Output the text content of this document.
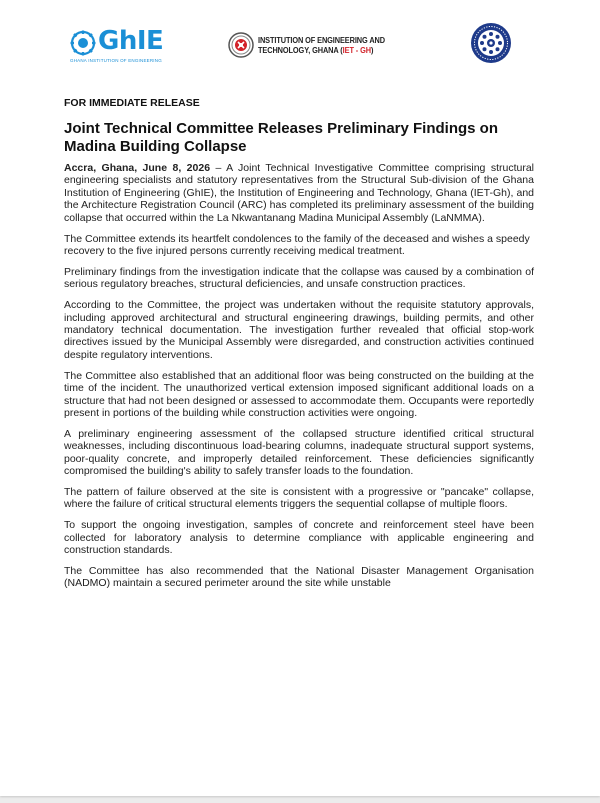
GhIE
GHANA INSTITUTION OF ENGINEERING
INSTITUTION OF ENGINEERING AND
TECHNOLOGY, GHANA (IET - GH)
FOR IMMEDIATE RELEASE
Joint Technical Committee Releases Preliminary Findings on Madina Building Collapse

Accra, Ghana, June 8, 2026 – A Joint Technical Investigative Committee comprising structural engineering specialists and statutory representatives from the Structural Sub-division of the Ghana Institution of Engineering (GhIE), the Institution of Engineering and Technology, Ghana (IET-Gh), and the Architecture Registration Council (ARC) has completed its preliminary assessment of the building collapse that occurred within the La Nkwantanang Madina Municipal Assembly (LaNMMA).

The Committee extends its heartfelt condolences to the family of the deceased and wishes a speedy recovery to the five injured persons currently receiving medical treatment.

Preliminary findings from the investigation indicate that the collapse was caused by a combination of serious regulatory breaches, structural deficiencies, and unsafe construction practices.

According to the Committee, the project was undertaken without the requisite statutory approvals, including approved architectural and structural engineering drawings, building permits, and other mandatory technical documentation. The investigation further revealed that official stop-work directives issued by the Municipal Assembly were disregarded, and construction activities continued despite regulatory interventions.

The Committee also established that an additional floor was being constructed on the building at the time of the incident. The unauthorized vertical extension imposed significant additional loads on a structure that had not been designed or assessed to accommodate them. Occupants were reportedly present in portions of the building while construction activities were ongoing.

A preliminary engineering assessment of the collapsed structure identified critical structural weaknesses, including discontinuous load-bearing columns, inadequate structural support systems, poor-quality concrete, and improperly detailed reinforcement. These deficiencies significantly compromised the building's ability to safely transfer loads to the foundation.

The pattern of failure observed at the site is consistent with a progressive or "pancake" collapse, where the failure of critical structural elements triggers the sequential collapse of multiple floors.

To support the ongoing investigation, samples of concrete and reinforcement steel have been collected for laboratory analysis to determine compliance with applicable engineering and construction standards.

The Committee has also recommended that the National Disaster Management Organisation (NADMO) maintain a secured perimeter around the site while unstable
